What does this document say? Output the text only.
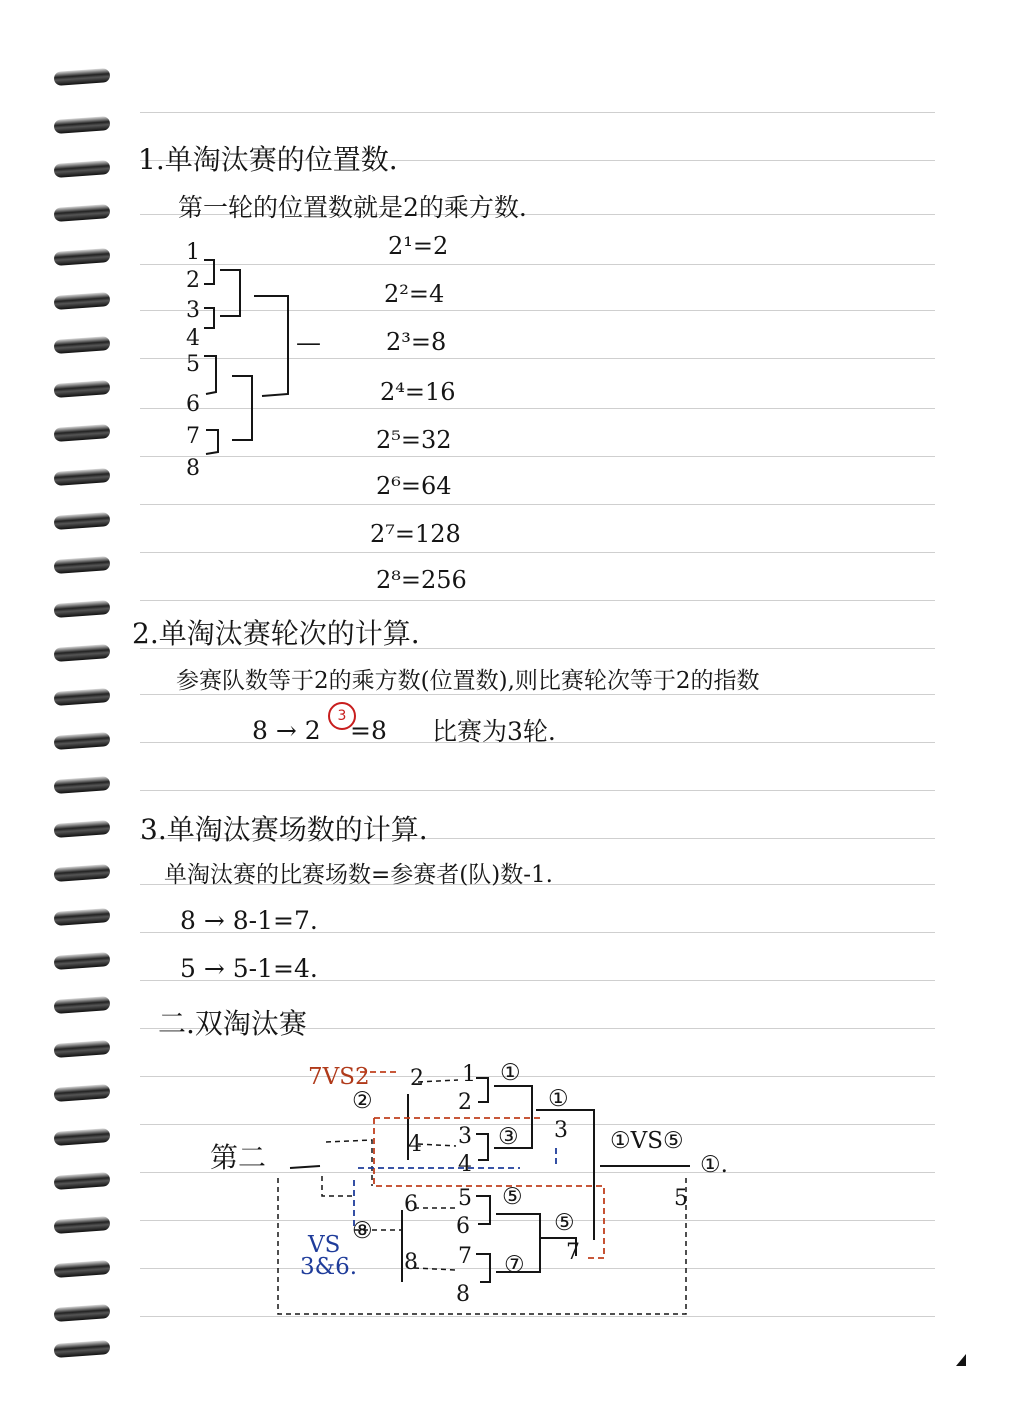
1.单淘汰赛的位置数.
第一轮的位置数就是2的乘方数.
1
2
3
4
5
6
7
8
—
2¹=2
2²=4
2³=8
2⁴=16
2⁵=32
2⁶=64
2⁷=128
2⁸=256
2.单淘汰赛轮次的计算.
参赛队数等于2的乘方数(位置数),则比赛轮次等于2的指数
8 → 2	3 =8 比赛为3轮.
3.单淘汰赛场数的计算.
单淘汰赛的比赛场数=参赛者(队)数-1.
8 → 8-1=7.
5 → 5-1=4.
二.双淘汰赛
第二
7VS2
VS
3&6.
2
4
6
8
1
2
3
4
5
6
7
8
①
③
⑤
⑦
①
⑤
②
⑧
3
5
7
①VS⑤
①.
